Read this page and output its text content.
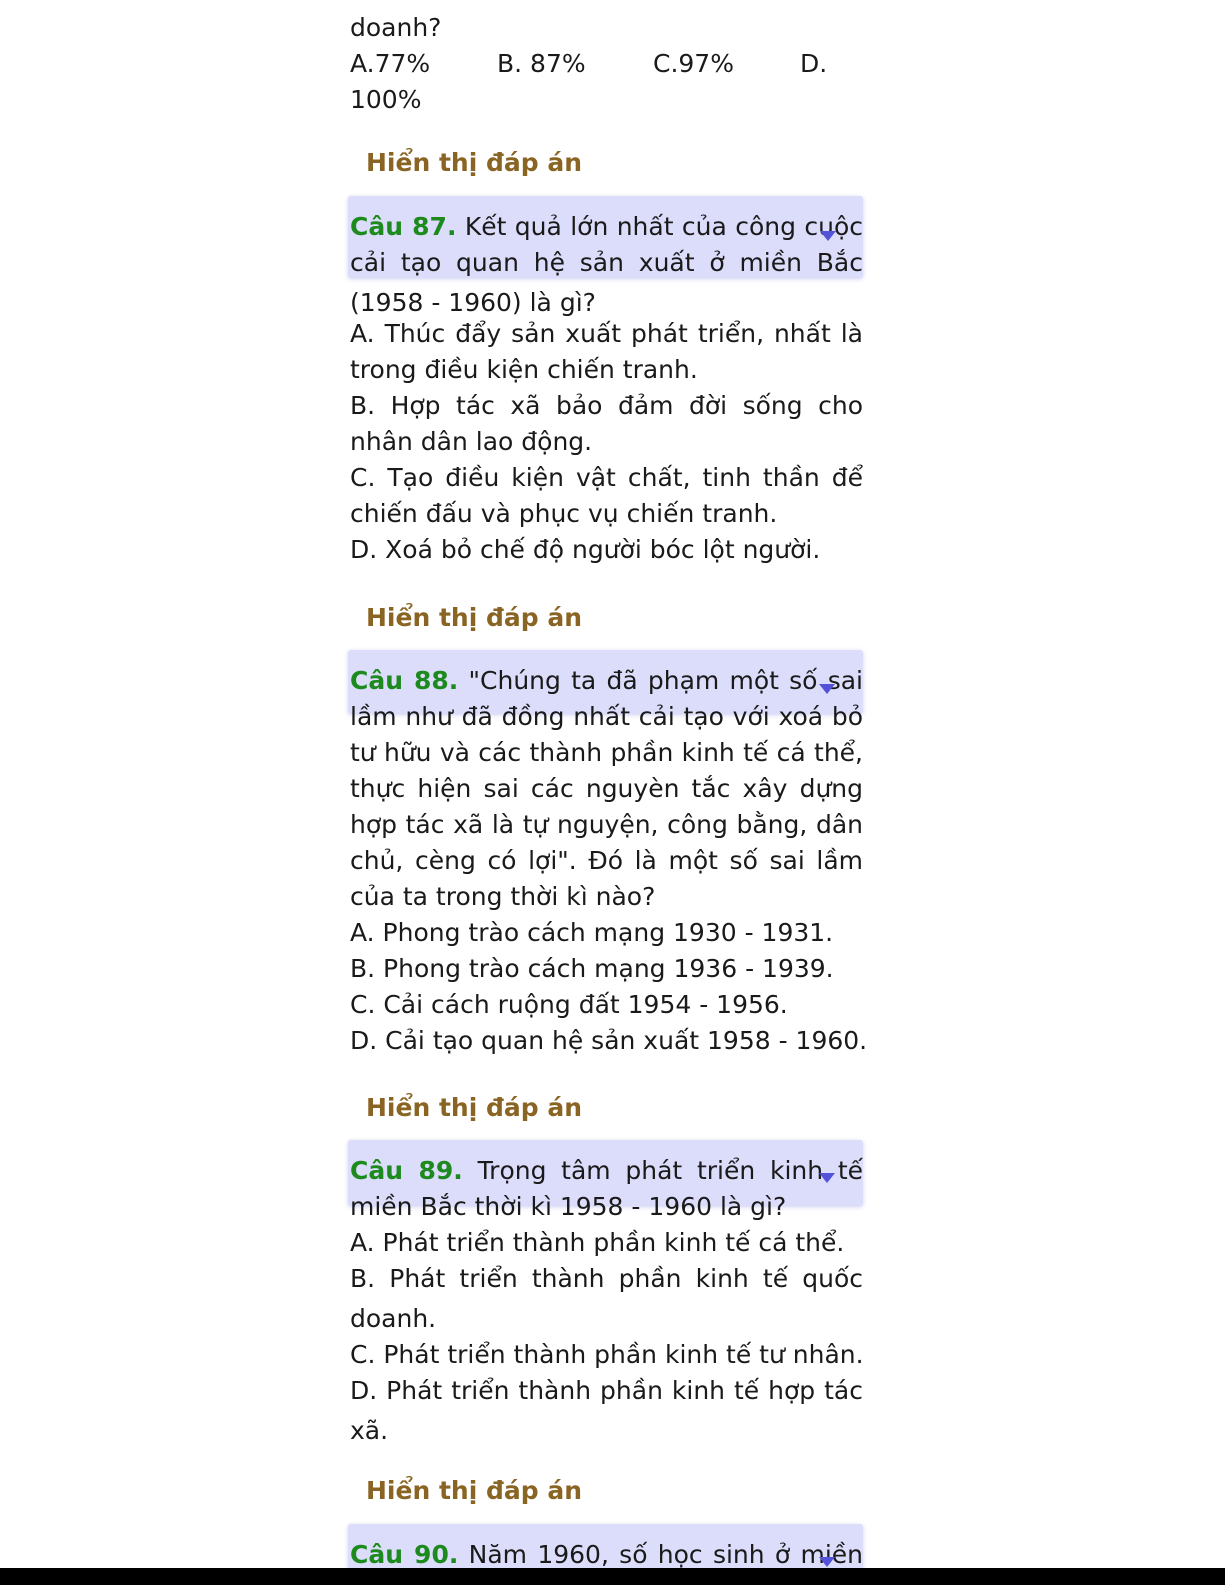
doanh?
A.77%	B. 87%	C.97%	D.
100%
Hiển thị đáp án
Câu 87. Kết quả lớn nhất của công cuộc
cải tạo quan hệ sản xuất ở miền Bắc
(1958 - 1960) là gì?
A. Thúc đẩy sản xuất phát triển, nhất là
trong điều kiện chiến tranh.
B. Hợp tác xã bảo đảm đời sống cho
nhân dân lao động.
C. Tạo điều kiện vật chất, tinh thần để
chiến đấu và phục vụ chiến tranh.
D. Xoá bỏ chế độ người bóc lột người.
Hiển thị đáp án
Câu 88. "Chúng ta đã phạm một số sai
lầm như đã đồng nhất cải tạo với xoá bỏ
tư hữu và các thành phần kinh tế cá thể,
thực hiện sai các nguyèn tắc xây dựng
hợp tác xã là tự nguyện, công bằng, dân
chủ, cèng có lợi". Đó là một số sai lầm
của ta trong thời kì nào?
A. Phong trào cách mạng 1930 - 1931.
B. Phong trào cách mạng 1936 - 1939.
C. Cải cách ruộng đất 1954 - 1956.
D. Cải tạo quan hệ sản xuất 1958 - 1960.
Hiển thị đáp án
Câu 89. Trọng tâm phát triển kinh tế
miền Bắc thời kì 1958 - 1960 là gì?
A. Phát triển thành phần kinh tế cá thể.
B. Phát triển thành phần kinh tế quốc
doanh.
C. Phát triển thành phần kinh tế tư nhân.
D. Phát triển thành phần kinh tế hợp tác
xã.
Hiển thị đáp án
Câu 90. Năm 1960, số học sinh ở miền
